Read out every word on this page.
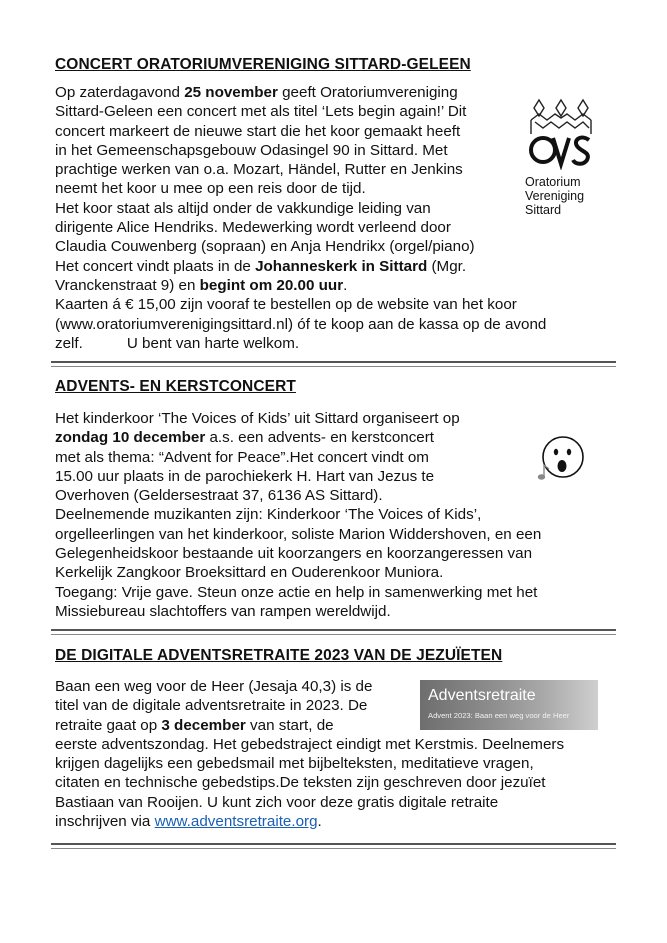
CONCERT ORATORIUMVERENIGING SITTARD-GELEEN
Op zaterdagavond 25 november geeft Oratoriumvereniging
Sittard-Geleen een concert met als titel ‘Lets begin again!’ Dit
concert markeert de nieuwe start die het koor gemaakt heeft
in het Gemeenschapsgebouw Odasingel 90 in Sittard. Met
prachtige werken van o.a. Mozart, Händel, Rutter en Jenkins
neemt het koor u mee op een reis door de tijd.
Het koor staat als altijd onder de vakkundige leiding van
dirigente Alice Hendriks. Medewerking wordt verleend door
Claudia Couwenberg (sopraan) en Anja Hendrikx (orgel/piano)
Het concert vindt plaats in de Johanneskerk in Sittard (Mgr.
Vranckenstraat 9) en begint om 20.00 uur.
Kaarten á € 15,00 zijn vooraf te bestellen op de website van het koor
(www.oratoriumverenigingsittard.nl) óf te koop aan de kassa op de avond
zelf.	U bent van harte welkom.
Oratorium
Vereniging
Sittard
ADVENTS- EN KERSTCONCERT
Het kinderkoor ‘The Voices of Kids’ uit Sittard organiseert op
zondag 10 december a.s. een advents- en kerstconcert
met als thema: “Advent for Peace”.Het concert vindt om
15.00 uur plaats in de parochiekerk H. Hart van Jezus te
Overhoven (Geldersestraat 37, 6136 AS Sittard).
Deelnemende muzikanten zijn: Kinderkoor ‘The Voices of Kids’,
orgelleerlingen van het kinderkoor, soliste Marion Widdershoven, en een
Gelegenheidskoor bestaande uit koorzangers en koorzangeressen van
Kerkelijk Zangkoor Broeksittard en Ouderenkoor Muniora.
Toegang: Vrije gave. Steun onze actie en help in samenwerking met het
Missiebureau slachtoffers van rampen wereldwijd.
DE DIGITALE ADVENTSRETRAITE 2023 VAN DE JEZUÏETEN
Baan een weg voor de Heer (Jesaja 40,3) is de
titel van de digitale adventsretraite in 2023. De
retraite gaat op 3 december van start, de
eerste adventszondag. Het gebedstraject eindigt met Kerstmis. Deelnemers
krijgen dagelijks een gebedsmail met bijbelteksten, meditatieve vragen,
citaten en technische gebedstips.De teksten zijn geschreven door jezuïet
Bastiaan van Rooijen. U kunt zich voor deze gratis digitale retraite
inschrijven via www.adventsretraite.org.
Adventsretraite
Advent 2023: Baan een weg voor de Heer
